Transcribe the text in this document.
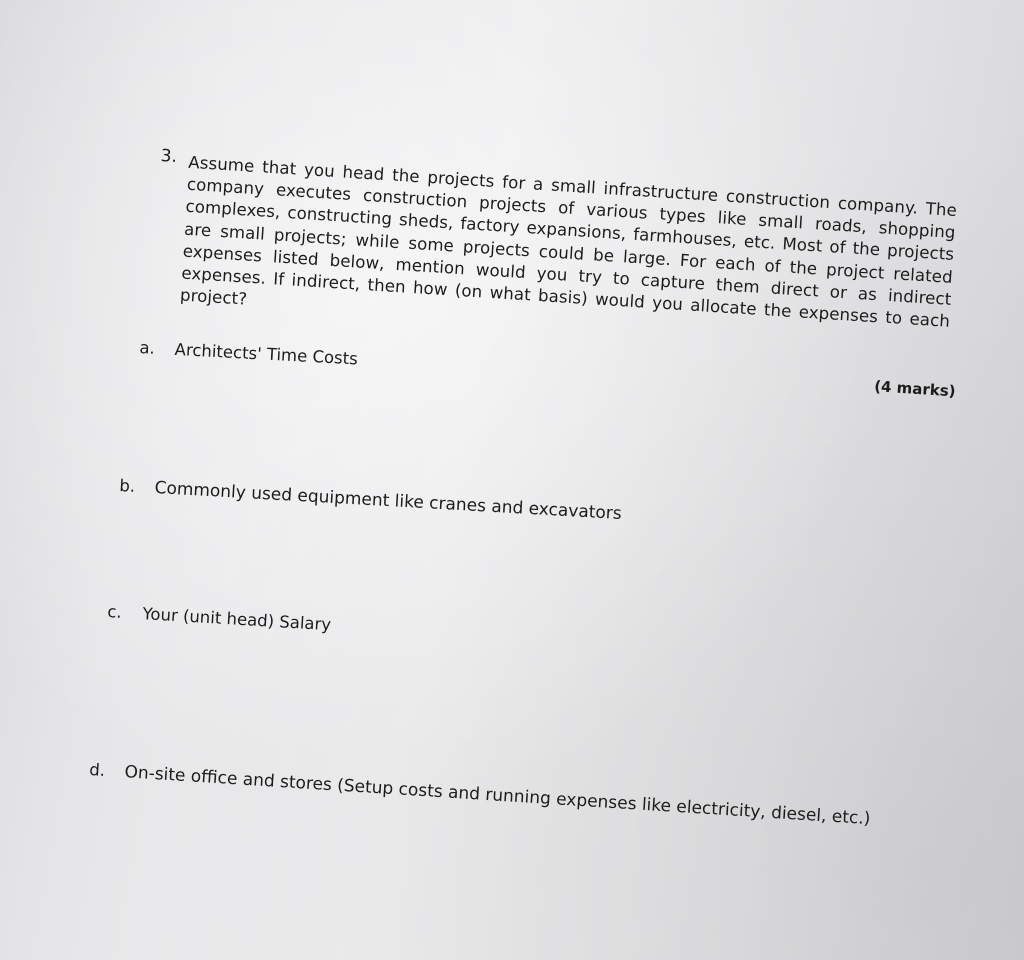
3. Assume that you head the projects for a small infrastructure construction company. The company executes construction projects of various types like small roads, shopping complexes, constructing sheds, factory expansions, farmhouses, etc. Most of the projects are small projects; while some projects could be large. For each of the project related expenses listed below, mention would you try to capture them direct or as indirect expenses. If indirect, then how (on what basis) would you allocate the expenses to each project?
(4 marks)
a. Architects' Time Costs
b. Commonly used equipment like cranes and excavators
c. Your (unit head) Salary
d. On-site office and stores (Setup costs and running expenses like electricity, diesel, etc.)
